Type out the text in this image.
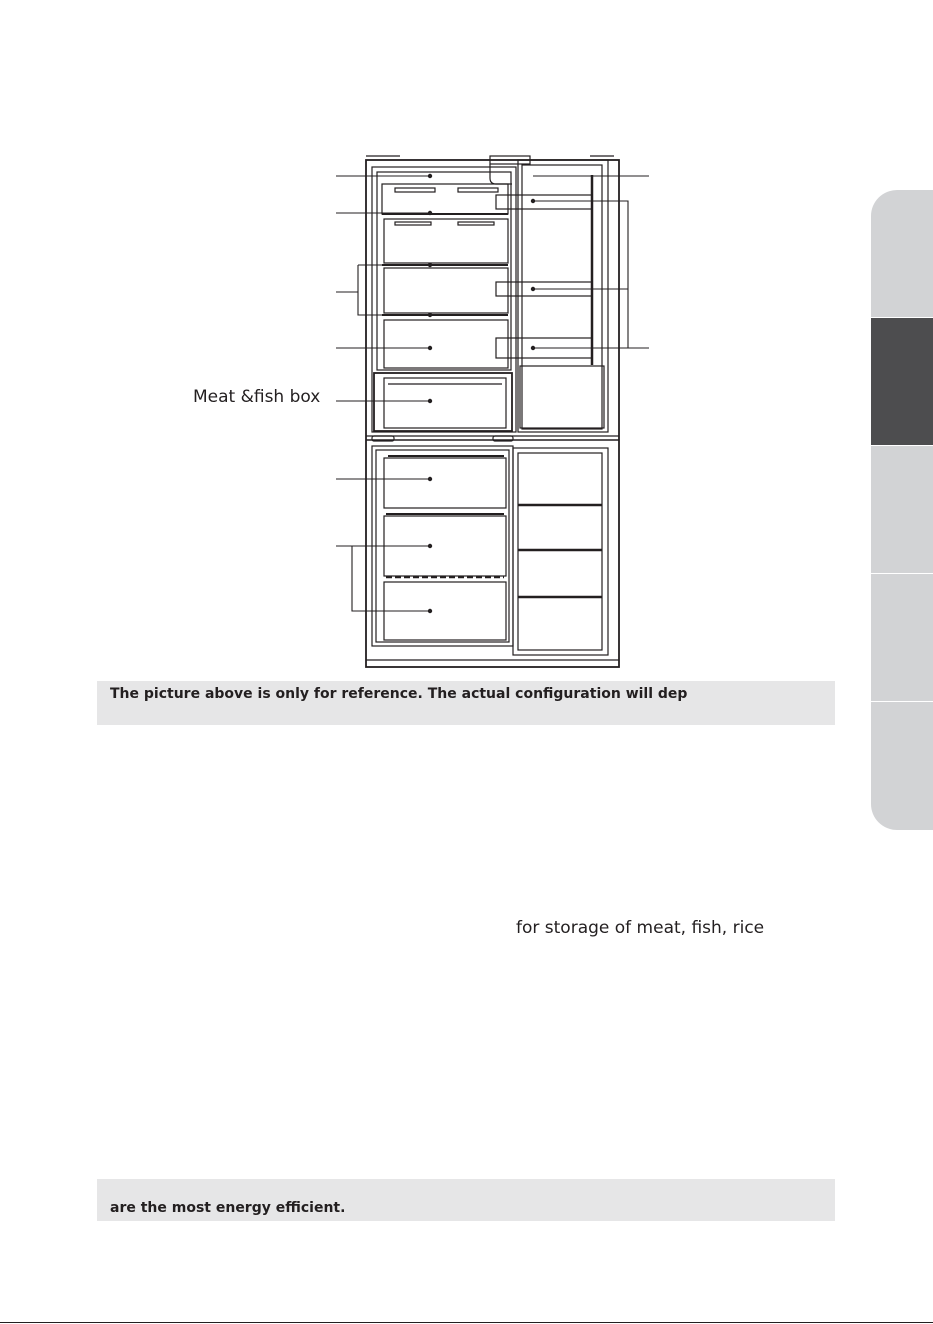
Meat &fish box
The picture above is only for reference. The actual configuration will dep
for storage of meat, fish, rice
are the most energy efficient.
